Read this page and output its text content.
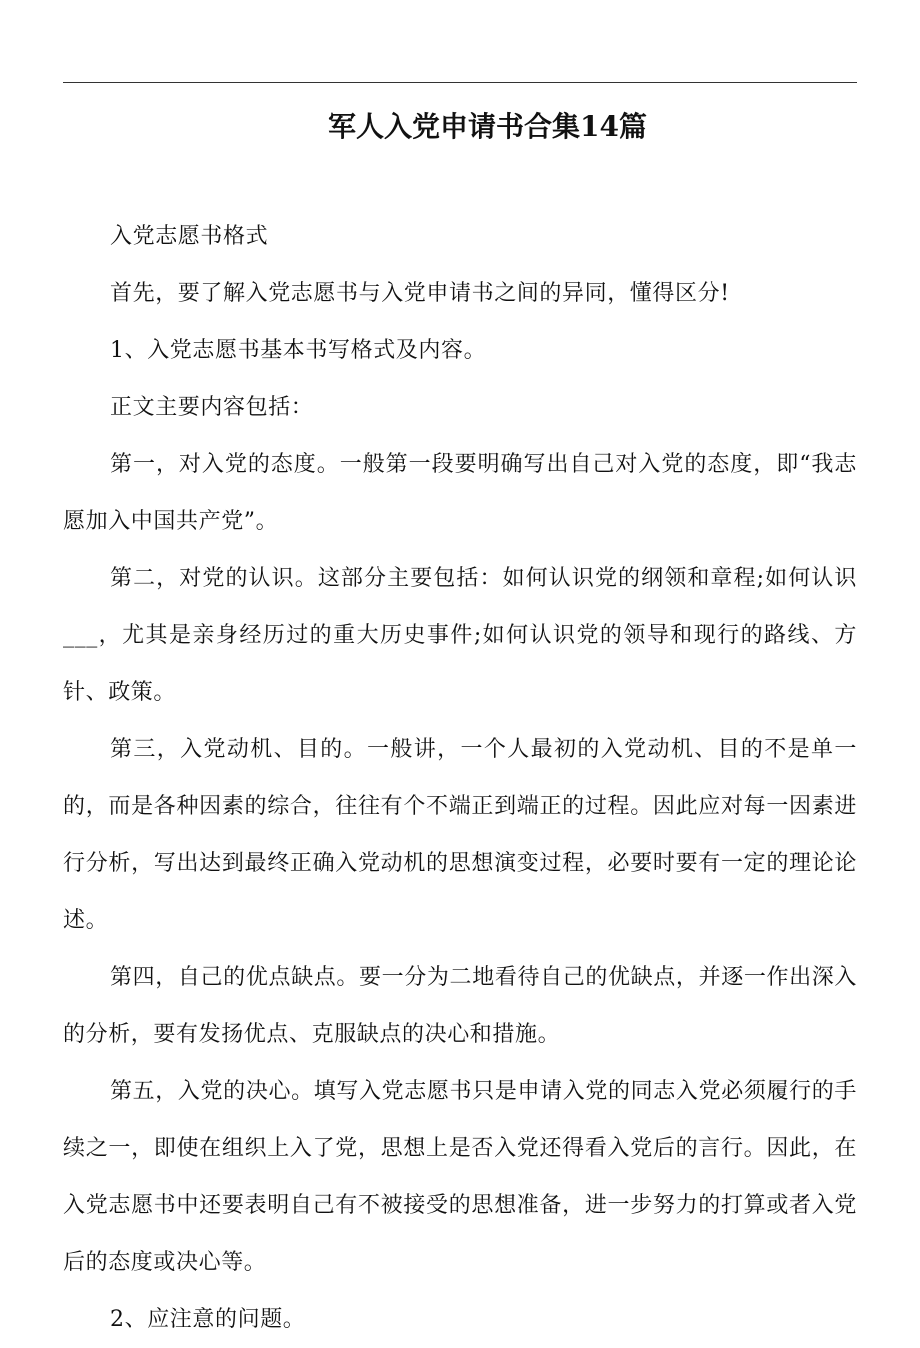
军人入党申请书合集14篇

入党志愿书格式

首先，要了解入党志愿书与入党申请书之间的异同，懂得区分!

1、入党志愿书基本书写格式及内容。

正文主要内容包括：

第一，对入党的态度。一般第一段要明确写出自己对入党的态度，即“我志愿加入中国共产党”。

第二，对党的认识。这部分主要包括：如何认识党的纲领和章程;如何认识___，尤其是亲身经历过的重大历史事件;如何认识党的领导和现行的路线、方针、政策。

第三，入党动机、目的。一般讲，一个人最初的入党动机、目的不是单一的，而是各种因素的综合，往往有个不端正到端正的过程。因此应对每一因素进行分析，写出达到最终正确入党动机的思想演变过程，必要时要有一定的理论论述。

第四，自己的优点缺点。要一分为二地看待自己的优缺点，并逐一作出深入的分析，要有发扬优点、克服缺点的决心和措施。

第五，入党的决心。填写入党志愿书只是申请入党的同志入党必须履行的手续之一，即使在组织上入了党，思想上是否入党还得看入党后的言行。因此，在入党志愿书中还要表明自己有不被接受的思想准备，进一步努力的打算或者入党后的态度或决心等。

2、应注意的问题。
